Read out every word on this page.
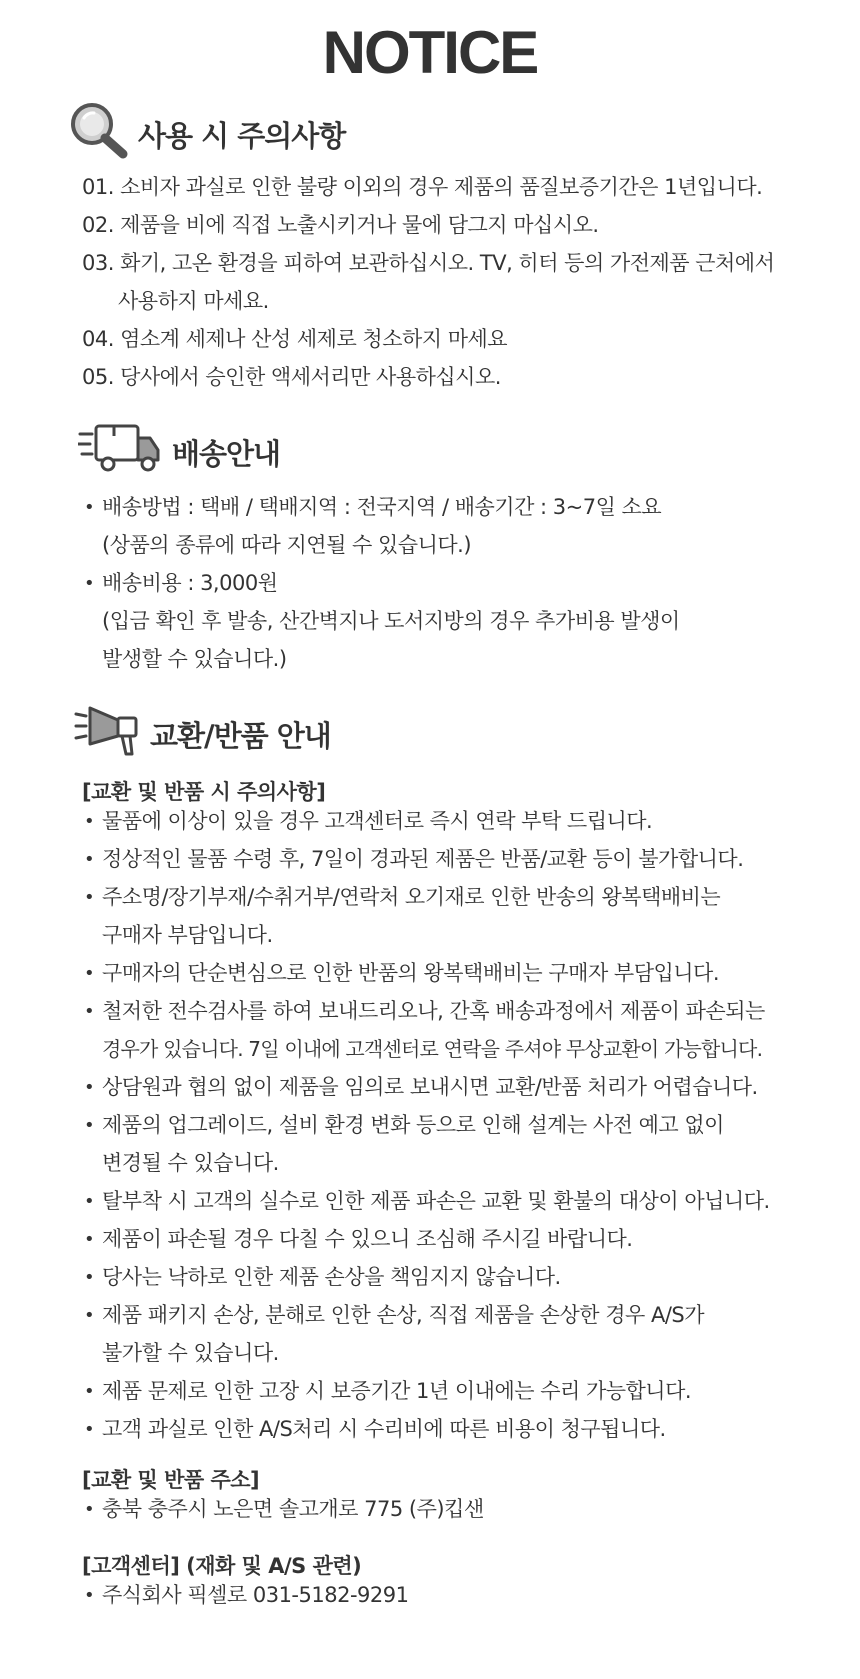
NOTICE
사용 시 주의사항
01. 소비자 과실로 인한 불량 이외의 경우 제품의 품질보증기간은 1년입니다.
02. 제품을 비에 직접 노출시키거나 물에 담그지 마십시오.
03. 화기, 고온 환경을 피하여 보관하십시오. TV, 히터 등의 가전제품 근처에서
사용하지 마세요.
04. 염소계 세제나 산성 세제로 청소하지 마세요
05. 당사에서 승인한 액세서리만 사용하십시오.
배송안내
• 배송방법 : 택배 / 택배지역 : 전국지역 / 배송기간 : 3~7일 소요
(상품의 종류에 따라 지연될 수 있습니다.)
• 배송비용 : 3,000원
(입금 확인 후 발송, 산간벽지나 도서지방의 경우 추가비용 발생이
발생할 수 있습니다.)
교환/반품 안내
[교환 및 반품 시 주의사항]
• 물품에 이상이 있을 경우 고객센터로 즉시 연락 부탁 드립니다.
• 정상적인 물품 수령 후, 7일이 경과된 제품은 반품/교환 등이 불가합니다.
• 주소명/장기부재/수취거부/연락처 오기재로 인한 반송의 왕복택배비는
구매자 부담입니다.
• 구매자의 단순변심으로 인한 반품의 왕복택배비는 구매자 부담입니다.
• 철저한 전수검사를 하여 보내드리오나, 간혹 배송과정에서 제품이 파손되는
경우가 있습니다. 7일 이내에 고객센터로 연락을 주셔야 무상교환이 가능합니다.
• 상담원과 협의 없이 제품을 임의로 보내시면 교환/반품 처리가 어렵습니다.
• 제품의 업그레이드, 설비 환경 변화 등으로 인해 설계는 사전 예고 없이
변경될 수 있습니다.
• 탈부착 시 고객의 실수로 인한 제품 파손은 교환 및 환불의 대상이 아닙니다.
• 제품이 파손될 경우 다칠 수 있으니 조심해 주시길 바랍니다.
• 당사는 낙하로 인한 제품 손상을 책임지지 않습니다.
• 제품 패키지 손상, 분해로 인한 손상, 직접 제품을 손상한 경우 A/S가
불가할 수 있습니다.
• 제품 문제로 인한 고장 시 보증기간 1년 이내에는 수리 가능합니다.
• 고객 과실로 인한 A/S처리 시 수리비에 따른 비용이 청구됩니다.
[교환 및 반품 주소]
• 충북 충주시 노은면 솔고개로 775 (주)킵샌
[고객센터] (재화 및 A/S 관련)
• 주식회사 픽셀로 031-5182-9291
